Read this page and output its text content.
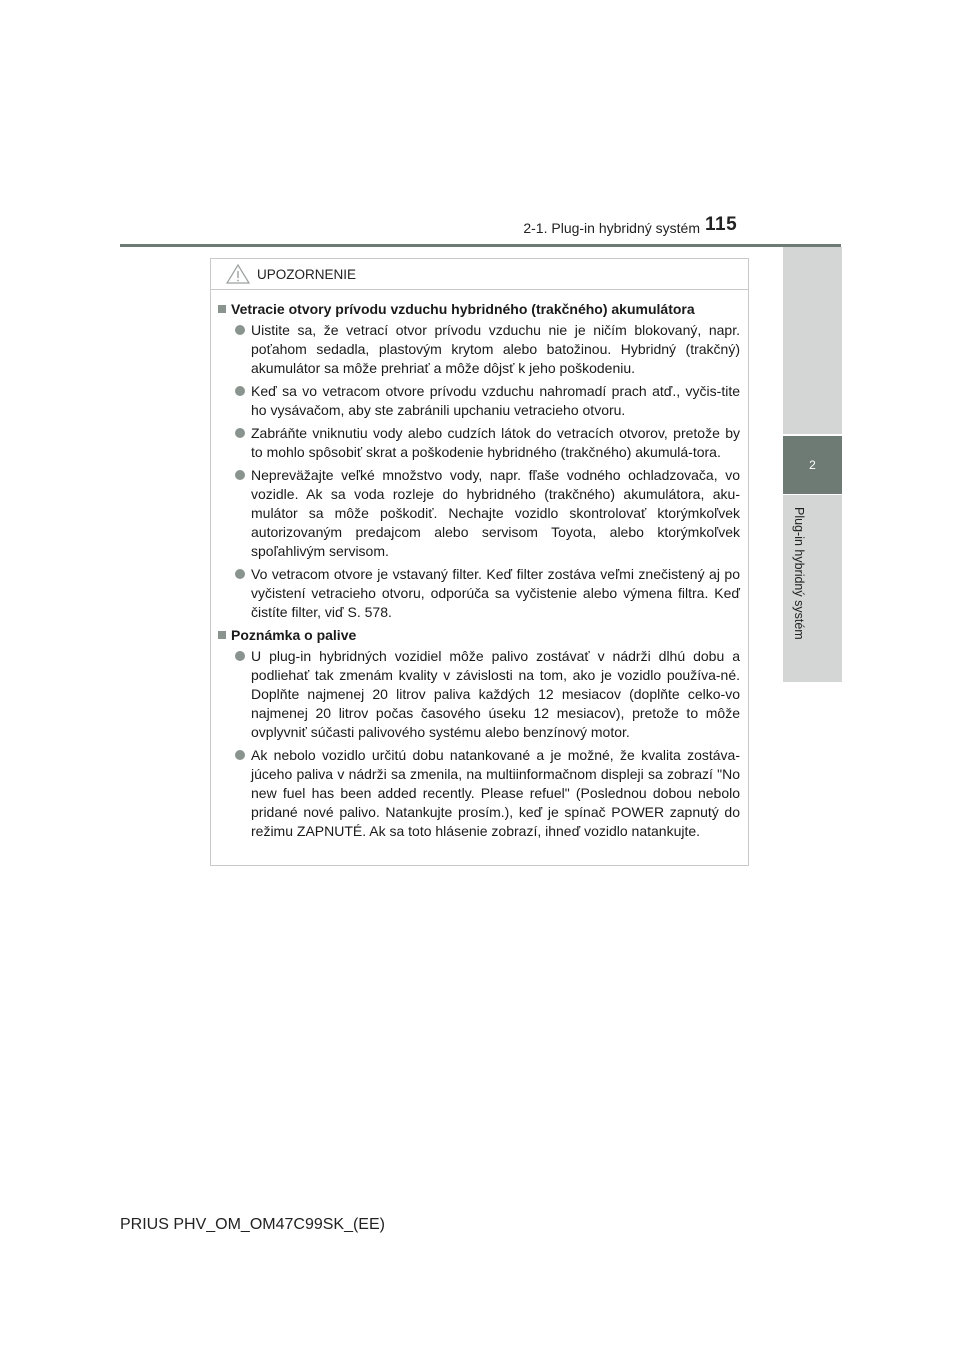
2-1. Plug-in hybridný systém 115
2
Plug-in hybridný systém
UPOZORNENIE
Vetracie otvory prívodu vzduchu hybridného (trakčného) akumulátora
Uistite sa, že vetrací otvor prívodu vzduchu nie je ničím blokovaný, napr. poťahom sedadla, plastovým krytom alebo batožinou. Hybridný (trakčný) akumulátor sa môže prehriať a môže dôjsť k jeho poškodeniu.
Keď sa vo vetracom otvore prívodu vzduchu nahromadí prach atď., vyčis-tite ho vysávačom, aby ste zabránili upchaniu vetracieho otvoru.
Zabráňte vniknutiu vody alebo cudzích látok do vetracích otvorov, pretože by to mohlo spôsobiť skrat a poškodenie hybridného (trakčného) akumulá-tora.
Nepreväžajte veľké množstvo vody, napr. fľaše vodného ochladzovača, vo vozidle. Ak sa voda rozleje do hybridného (trakčného) akumulátora, aku-mulátor sa môže poškodiť. Nechajte vozidlo skontrolovať ktorýmkoľvek autorizovaným predajcom alebo servisom Toyota, alebo ktorýmkoľvek spoľahlivým servisom.
Vo vetracom otvore je vstavaný filter. Keď filter zostáva veľmi znečistený aj po vyčistení vetracieho otvoru, odporúča sa vyčistenie alebo výmena filtra. Keď čistíte filter, viď S. 578.
Poznámka o palive
U plug-in hybridných vozidiel môže palivo zostávať v nádrži dlhú dobu a podliehať tak zmenám kvality v závislosti na tom, ako je vozidlo používa-né. Doplňte najmenej 20 litrov paliva každých 12 mesiacov (doplňte celko-vo najmenej 20 litrov počas časového úseku 12 mesiacov), pretože to môže ovplyvniť súčasti palivového systému alebo benzínový motor.
Ak nebolo vozidlo určitú dobu natankované a je možné, že kvalita zostáva-júceho paliva v nádrži sa zmenila, na multiinformačnom displeji sa zobrazí "No new fuel has been added recently. Please refuel" (Poslednou dobou nebolo pridané nové palivo. Natankujte prosím.), keď je spínač POWER zapnutý do režimu ZAPNUTÉ. Ak sa toto hlásenie zobrazí, ihneď vozidlo natankujte.
PRIUS PHV_OM_OM47C99SK_(EE)
